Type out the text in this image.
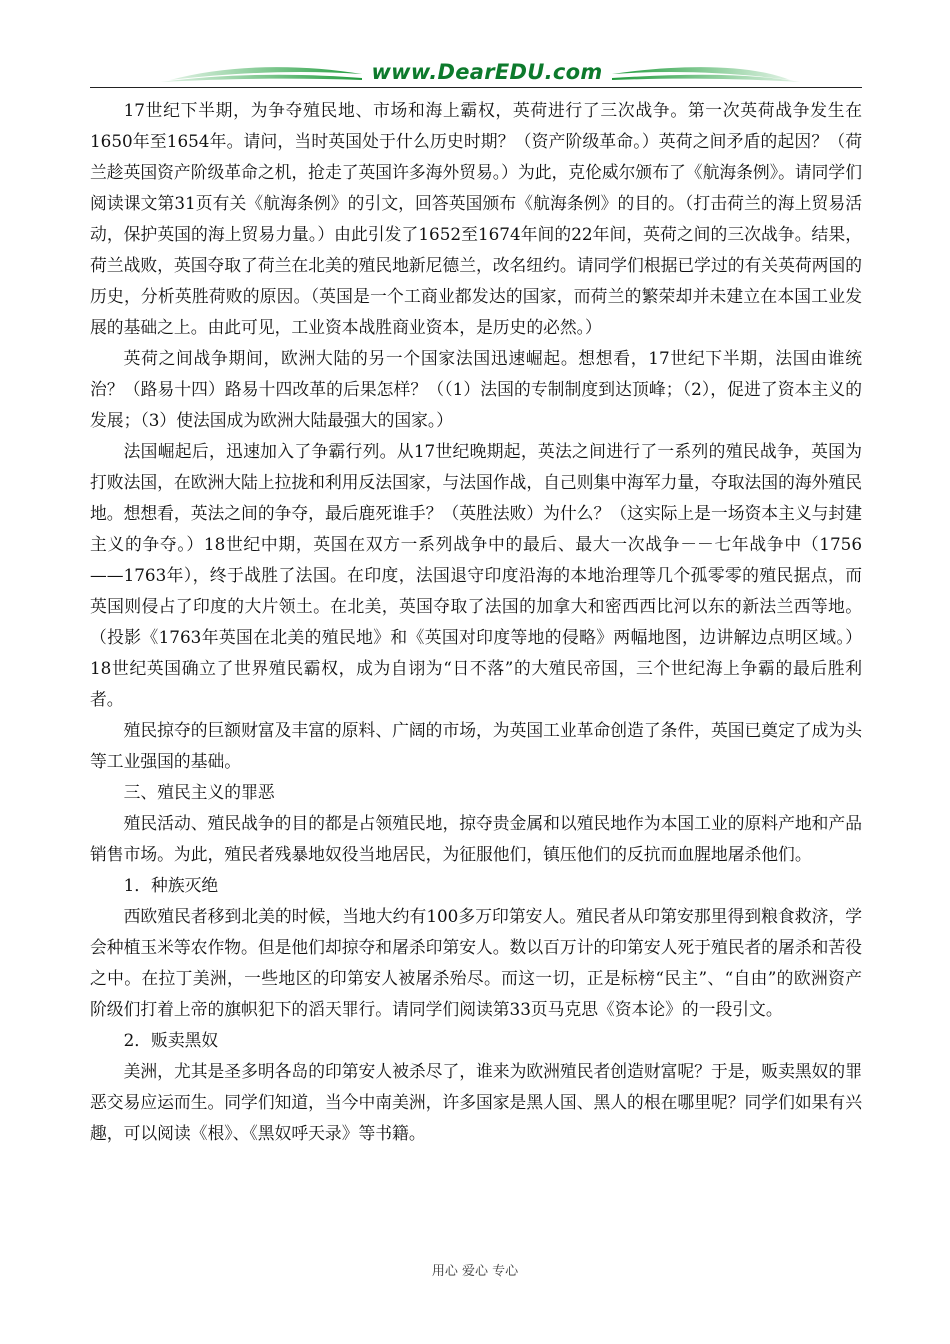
www.DearEDU.com

17世纪下半期，为争夺殖民地、市场和海上霸权，英荷进行了三次战争。第一次英荷战争发生在1650年至1654年。请问，当时英国处于什么历史时期？（资产阶级革命。）英荷之间矛盾的起因？（荷兰趁英国资产阶级革命之机，抢走了英国许多海外贸易。）为此，克伦威尔颁布了《航海条例》。请同学们阅读课文第31页有关《航海条例》的引文，回答英国颁布《航海条例》的目的。（打击荷兰的海上贸易活动，保护英国的海上贸易力量。）由此引发了1652至1674年间的22年间，英荷之间的三次战争。结果，荷兰战败，英国夺取了荷兰在北美的殖民地新尼德兰，改名纽约。请同学们根据已学过的有关英荷两国的历史，分析英胜荷败的原因。（英国是一个工商业都发达的国家，而荷兰的繁荣却并未建立在本国工业发展的基础之上。由此可见，工业资本战胜商业资本，是历史的必然。）

英荷之间战争期间，欧洲大陆的另一个国家法国迅速崛起。想想看，17世纪下半期，法国由谁统治？（路易十四）路易十四改革的后果怎样？（（1）法国的专制制度到达顶峰；（2），促进了资本主义的发展；（3）使法国成为欧洲大陆最强大的国家。）

法国崛起后，迅速加入了争霸行列。从17世纪晚期起，英法之间进行了一系列的殖民战争，英国为打败法国，在欧洲大陆上拉拢和利用反法国家，与法国作战，自己则集中海军力量，夺取法国的海外殖民地。想想看，英法之间的争夺，最后鹿死谁手？（英胜法败）为什么？（这实际上是一场资本主义与封建主义的争夺。）18世纪中期，英国在双方一系列战争中的最后、最大一次战争－－七年战争中（1756——1763年），终于战胜了法国。在印度，法国退守印度沿海的本地治理等几个孤零零的殖民据点，而英国则侵占了印度的大片领土。在北美，英国夺取了法国的加拿大和密西西比河以东的新法兰西等地。（投影《1763年英国在北美的殖民地》和《英国对印度等地的侵略》两幅地图，边讲解边点明区域。）18世纪英国确立了世界殖民霸权，成为自诩为“日不落”的大殖民帝国，三个世纪海上争霸的最后胜利者。

殖民掠夺的巨额财富及丰富的原料、广阔的市场，为英国工业革命创造了条件，英国已奠定了成为头等工业强国的基础。

三、殖民主义的罪恶

殖民活动、殖民战争的目的都是占领殖民地，掠夺贵金属和以殖民地作为本国工业的原料产地和产品销售市场。为此，殖民者残暴地奴役当地居民，为征服他们，镇压他们的反抗而血腥地屠杀他们。

1．种族灭绝

西欧殖民者移到北美的时候，当地大约有100多万印第安人。殖民者从印第安那里得到粮食救济，学会种植玉米等农作物。但是他们却掠夺和屠杀印第安人。数以百万计的印第安人死于殖民者的屠杀和苦役之中。在拉丁美洲，一些地区的印第安人被屠杀殆尽。而这一切，正是标榜“民主”、“自由”的欧洲资产阶级们打着上帝的旗帜犯下的滔天罪行。请同学们阅读第33页马克思《资本论》的一段引文。

2．贩卖黑奴

美洲，尤其是圣多明各岛的印第安人被杀尽了，谁来为欧洲殖民者创造财富呢？于是，贩卖黑奴的罪恶交易应运而生。同学们知道，当今中南美洲，许多国家是黑人国、黑人的根在哪里呢？同学们如果有兴趣，可以阅读《根》、《黑奴呼天录》等书籍。

用心 爱心 专心
